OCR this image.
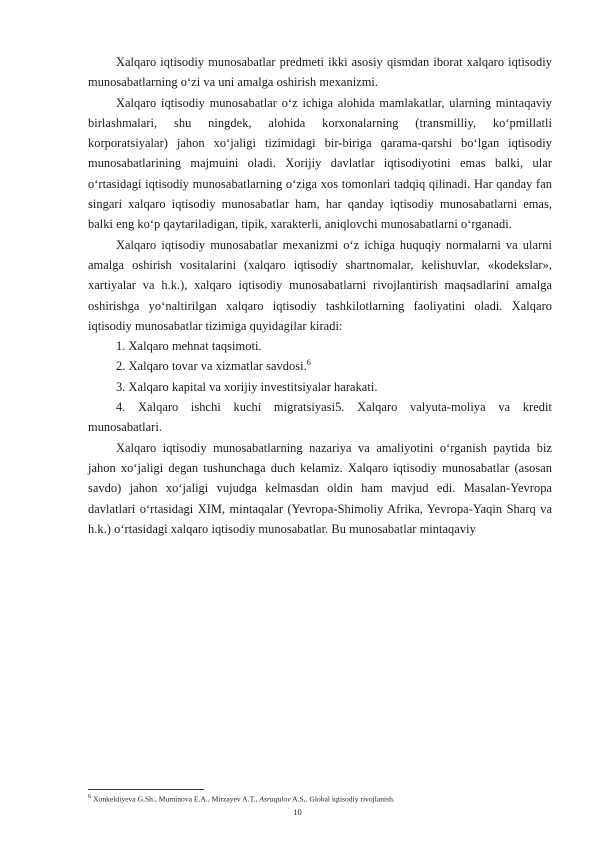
Xalqaro iqtisodiy munosabatlar predmeti ikki asosiy qismdan iborat xalqaro iqtisodiy munosabatlarning o‘zi va uni amalga oshirish mexanizmi.

Xalqaro iqtisodiy munosabatlar o‘z ichiga alohida mamlakatlar, ularning mintaqaviy birlashmalari, shu ningdek, alohida korxonalarning (transmilliy, ko‘pmillatli korporatsiyalar) jahon xo‘jaligi tizimidagi bir-biriga qarama-qarshi bo‘lgan iqtisodiy munosabatlarining majmuini oladi. Xorijiy davlatlar iqtisodiyotini emas balki, ular o‘rtasidagi iqtisodiy munosabatlarning o‘ziga xos tomonlari tadqiq qilinadi. Har qanday fan singari xalqaro iqtisodiy munosabatlar ham, har qanday iqtisodiy munosabatlarni emas, balki eng ko‘p qaytariladigan, tipik, xarakterli, aniqlovchi munosabatlarni o‘rganadi.

Xalqaro iqtisodiy munosabatlar mexanizmi o‘z ichiga huquqiy normalarni va ularni amalga oshirish vositalarini (xalqaro iqtisodiy shartnomalar, kelishuvlar, «kodekslar», xartiyalar va h.k.), xalqaro iqtisodiy munosabatlarni rivojlantirish maqsadlarini amalga oshirishga yo‘naltirilgan xalqaro iqtisodiy tashkilotlarning faoliyatini oladi. Xalqaro iqtisodiy munosabatlar tizimiga quyidagilar kiradi:

1. Xalqaro mehnat taqsimoti.

2. Xalqaro tovar va xizmatlar savdosi.$^6$

3. Xalqaro kapital va xorijiy investitsiyalar harakati.

4. Xalqaro ishchi kuchi migratsiyasi5. Xalqaro valyuta-moliya va kredit munosabatlari.

Xalqaro iqtisodiy munosabatlarning nazariya va amaliyotini o‘rganish paytida biz jahon xo‘jaligi degan tushunchaga duch kelamiz. Xalqaro iqtisodiy munosabatlar (asosan savdo) jahon xo‘jaligi vujudga kelmasdan oldin ham mavjud edi. Masalan-Yevropa davlatlari o‘rtasidagi XIM, mintaqalar (Yevropa-Shimoliy Afrika, Yevropa-Yaqin Sharq va h.k.) o‘rtasidagi xalqaro iqtisodiy munosabatlar. Bu munosabatlar mintaqaviy

$^6$ Xonkeldiyeva G.Sh., Muminova E.A., Mirzayev A.T., Asraqulov A.S,. Global iqtisodiy rivojlanish.
10
